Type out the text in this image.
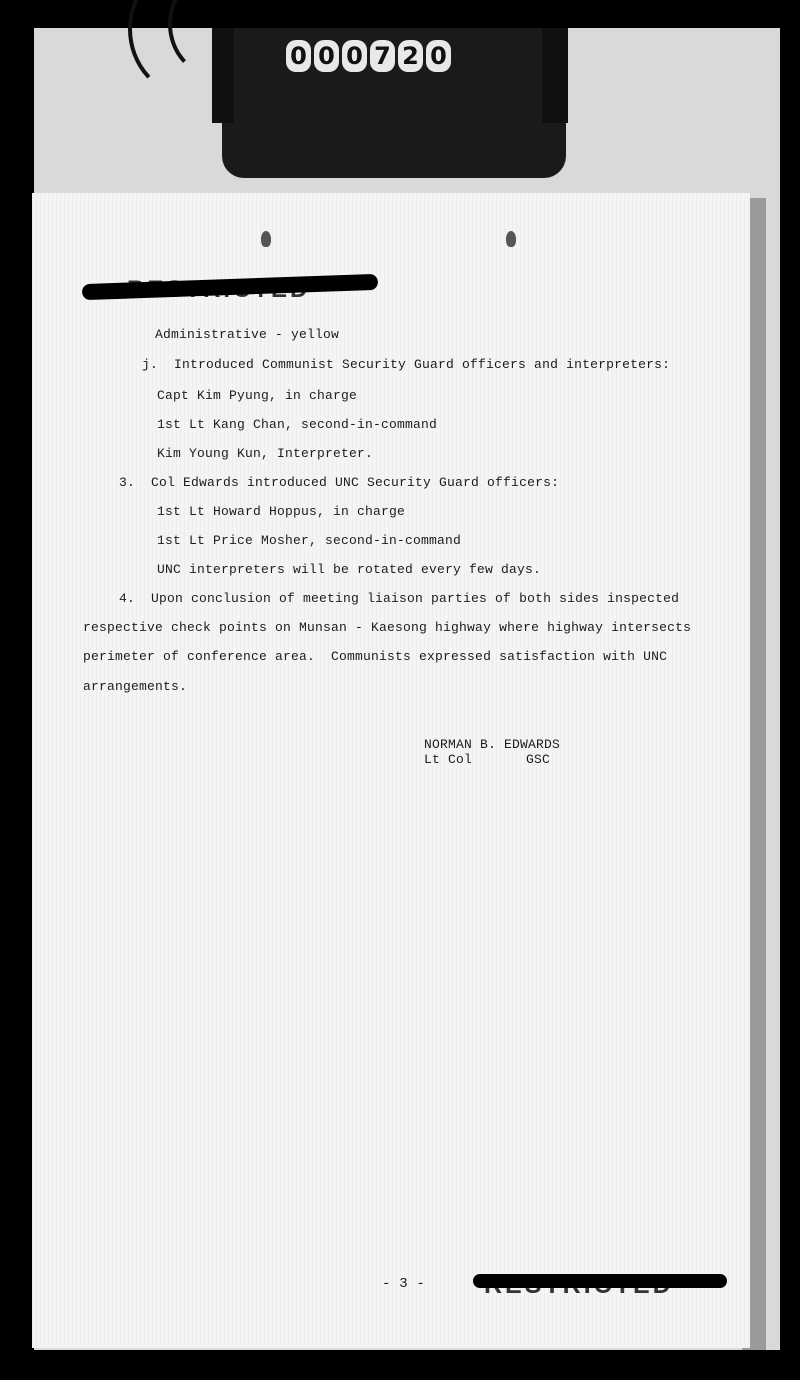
0 0 0 7 2 0
Administrative - yellow
j.  Introduced Communist Security Guard officers and interpreters:
Capt Kim Pyung, in charge
1st Lt Kang Chan, second-in-command
Kim Young Kun, Interpreter.
3.  Col Edwards introduced UNC Security Guard officers:
1st Lt Howard Hoppus, in charge
1st Lt Price Mosher, second-in-command
UNC interpreters will be rotated every few days.
4.  Upon conclusion of meeting liaison parties of both sides inspected
respective check points on Munsan - Kaesong highway where highway intersects
perimeter of conference area.  Communists expressed satisfaction with UNC
arrangements.
NORMAN B. EDWARDS
Lt Col	GSC
- 3 -
